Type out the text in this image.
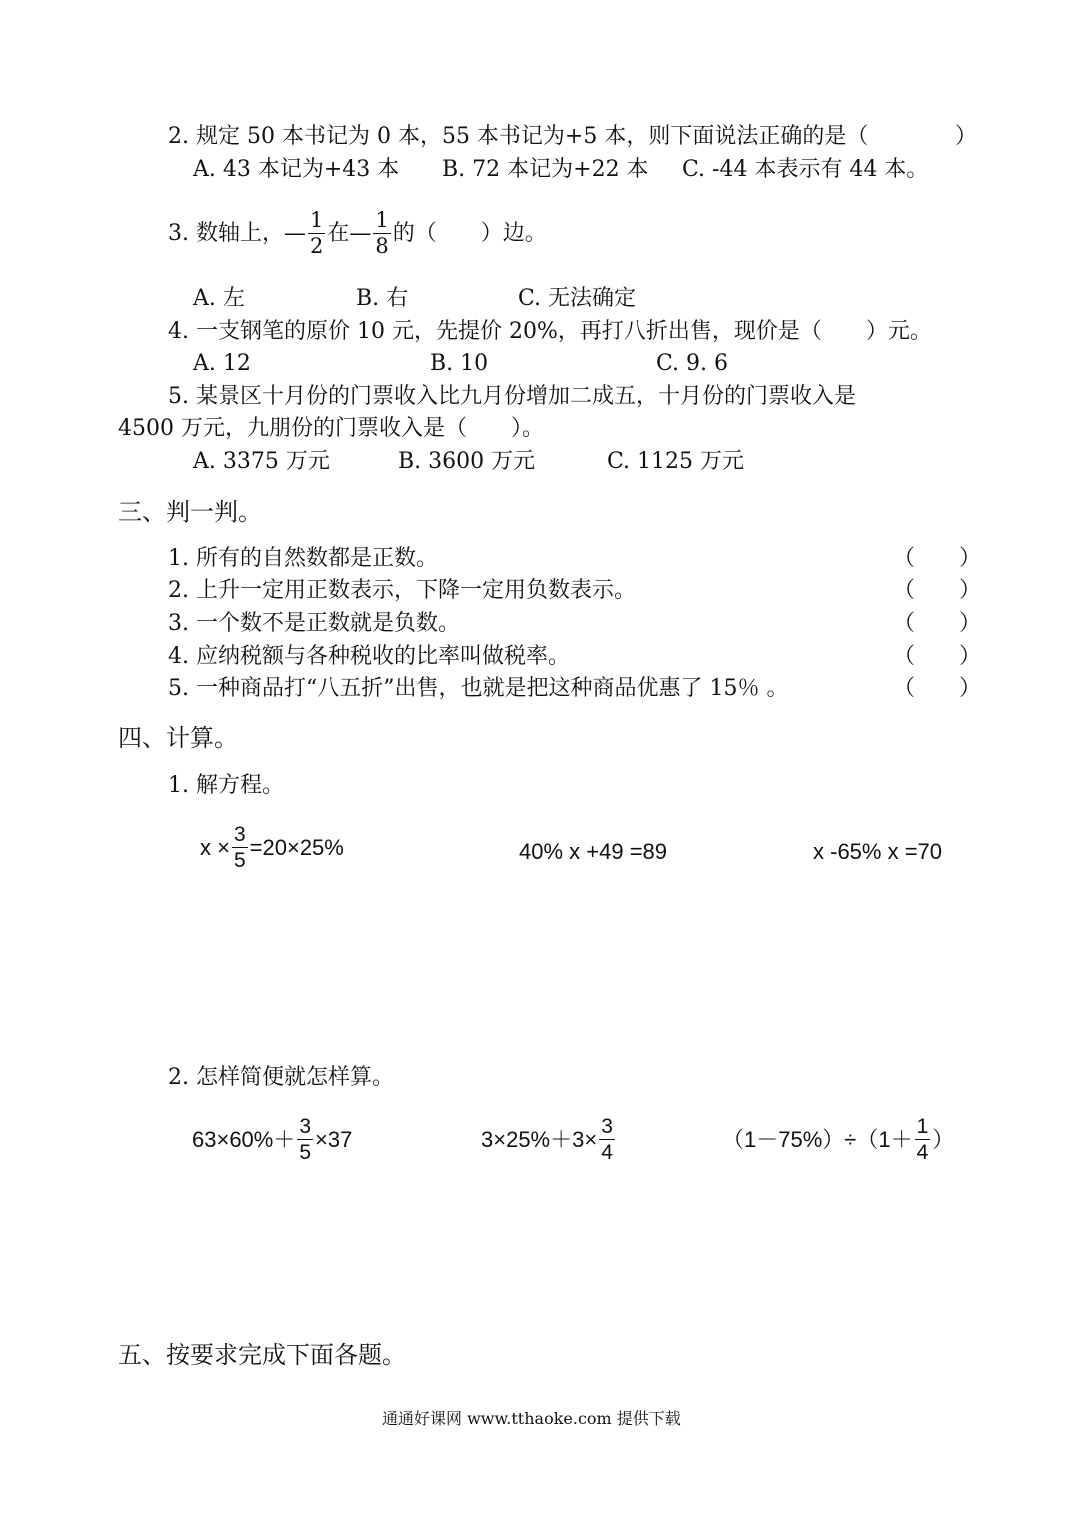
2. 规定 50 本书记为 0 本，55 本书记为+5 本，则下面说法正确的是（	）
A. 43 本记为+43 本 B. 72 本记为+22 本 C. -44 本表示有 44 本。
3. 数轴上， — $\frac{1}{2}$ 在 — $\frac{1}{8}$ 的（　　）边。
A. 左	B. 右	C. 无法确定
4. 一支钢笔的原价 10 元，先提价 20%，再打八折出售，现价是（　　）元。
A. 12	B. 10	C. 9. 6
5. 某景区十月份的门票收入比九月份增加二成五，十月份的门票收入是
4500 万元，九朋份的门票收入是（　　）。
A. 3375 万元	B. 3600 万元	C. 1125 万元
三、判一判。
1. 所有的自然数都是正数。	（　　）
2. 上升一定用正数表示，下降一定用负数表示。	（　　）
3. 一个数不是正数就是负数。	（　　）
4. 应纳税额与各种税收的比率叫做税率。	（　　）
5. 一种商品打“八五折”出售，也就是把这种商品优惠了 15％ 。	（　　）
四、计算。
1. 解方程。
$x \times \frac{3}{5} =20\times 25\%$	40% x +49 =89	x -65% x =70
2. 怎样简便就怎样算。
$63\times 60\%+ \frac{3}{5} \times 37$	$3\times 25\%+3\times \frac{3}{4}$	$(1-75\%)\div(1+ \frac{1}{4}$ ）
五、按要求完成下面各题。
通通好课网 www.tthaoke.com 提供下载
